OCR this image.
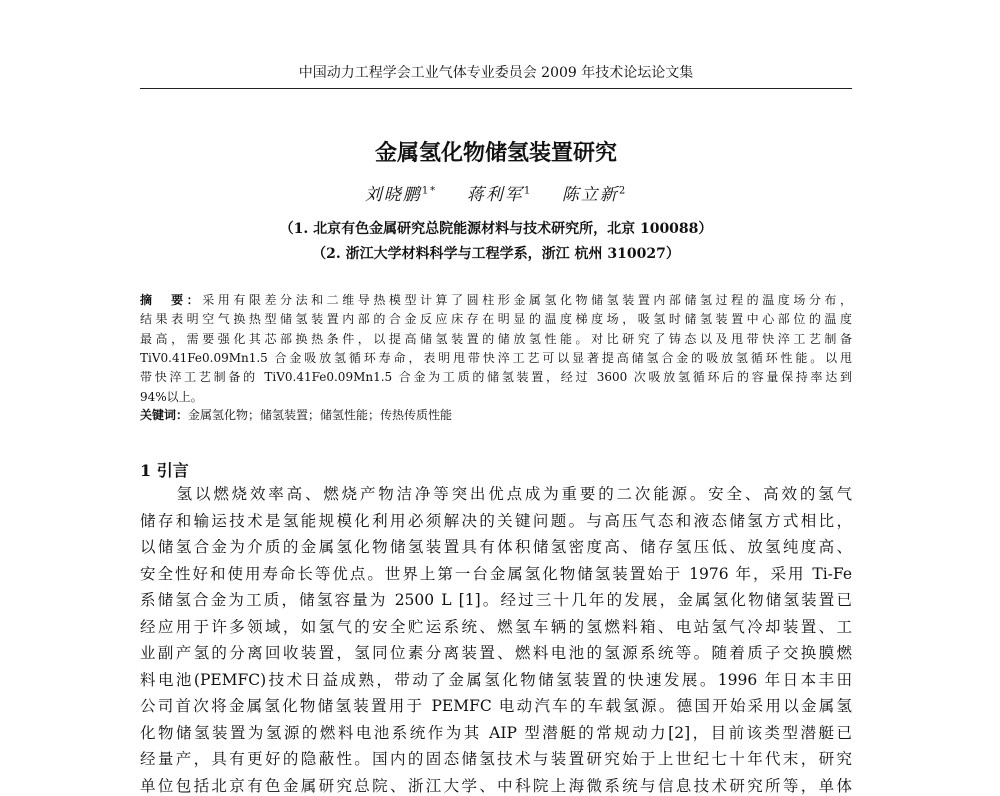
中国动力工程学会工业气体专业委员会 2009 年技术论坛论文集
金属氢化物储氢装置研究
刘晓鹏$^{1*}$ 蒋利军$^1$ 陈立新$^2$
（1. 北京有色金属研究总院能源材料与技术研究所，北京 100088）
（2. 浙江大学材料科学与工程学系，浙江 杭州 310027）
摘　要：采用有限差分法和二维导热模型计算了圆柱形金属氢化物储氢装置内部储氢过程的温度场分布，
结果表明空气换热型储氢装置内部的合金反应床存在明显的温度梯度场，吸氢时储氢装置中心部位的温度
最高，需要强化其芯部换热条件，以提高储氢装置的储放氢性能。对比研究了铸态以及甩带快淬工艺制备
TiV0.41Fe0.09Mn1.5 合金吸放氢循环寿命，表明甩带快淬工艺可以显著提高储氢合金的吸放氢循环性能。以甩
带快淬工艺制备的 TiV0.41Fe0.09Mn1.5 合金为工质的储氢装置，经过 3600 次吸放氢循环后的容量保持率达到
94%以上。
关键词：金属氢化物；储氢装置；储氢性能；传热传质性能
1 引言
　　氢以燃烧效率高、燃烧产物洁净等突出优点成为重要的二次能源。安全、高效的氢气
储存和输运技术是氢能规模化利用必须解决的关键问题。与高压气态和液态储氢方式相比，
以储氢合金为介质的金属氢化物储氢装置具有体积储氢密度高、储存氢压低、放氢纯度高、
安全性好和使用寿命长等优点。世界上第一台金属氢化物储氢装置始于 1976 年，采用 Ti-Fe
系储氢合金为工质，储氢容量为 2500 L [1]。经过三十几年的发展，金属氢化物储氢装置已
经应用于许多领域，如氢气的安全贮运系统、燃氢车辆的氢燃料箱、电站氢气冷却装置、工
业副产氢的分离回收装置，氢同位素分离装置、燃料电池的氢源系统等。随着质子交换膜燃
料电池(PEMFC)技术日益成熟，带动了金属氢化物储氢装置的快速发展。1996 年日本丰田
公司首次将金属氢化物储氢装置用于 PEMFC 电动汽车的车载氢源。德国开始采用以金属氢
化物储氢装置为氢源的燃料电池系统作为其 AIP 型潜艇的常规动力[2]，目前该类型潜艇已
经量产，具有更好的隐蔽性。国内的固态储氢技术与装置研究始于上世纪七十年代末，研究
单位包括北京有色金属研究总院、浙江大学、中科院上海微系统与信息技术研究所等，单体
